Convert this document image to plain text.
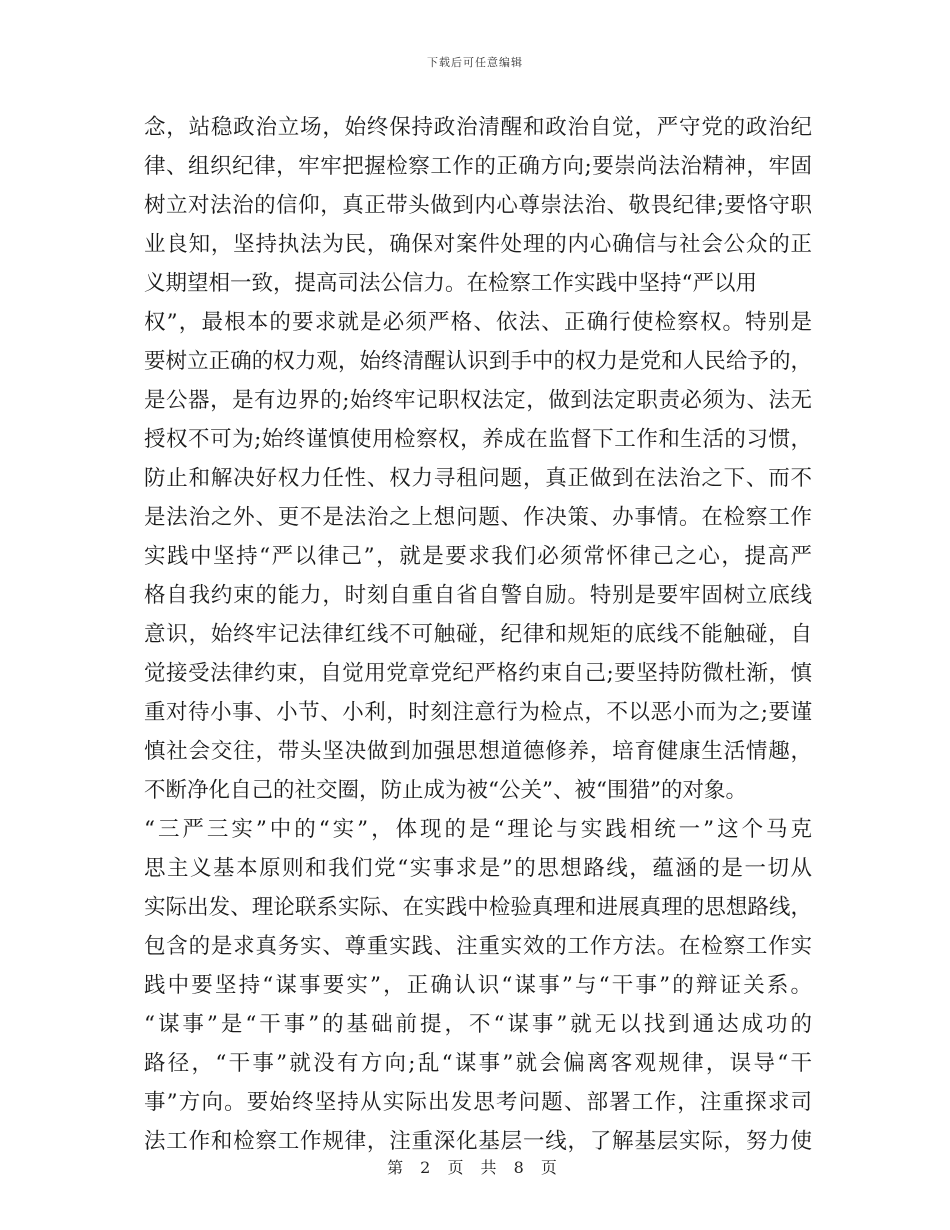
下载后可任意编辑
念，站稳政治立场，始终保持政治清醒和政治自觉，严守党的政治纪
律、组织纪律，牢牢把握检察工作的正确方向;要崇尚法治精神，牢固
树立对法治的信仰，真正带头做到内心尊崇法治、敬畏纪律;要恪守职
业良知，坚持执法为民，确保对案件处理的内心确信与社会公众的正
义期望相一致，提高司法公信力。在检察工作实践中坚持“严以用
权”，最根本的要求就是必须严格、依法、正确行使检察权。特别是
要树立正确的权力观，始终清醒认识到手中的权力是党和人民给予的，
是公器，是有边界的;始终牢记职权法定，做到法定职责必须为、法无
授权不可为;始终谨慎使用检察权，养成在监督下工作和生活的习惯，
防止和解决好权力任性、权力寻租问题，真正做到在法治之下、而不
是法治之外、更不是法治之上想问题、作决策、办事情。在检察工作
实践中坚持“严以律己”，就是要求我们必须常怀律己之心，提高严
格自我约束的能力，时刻自重自省自警自励。特别是要牢固树立底线
意识，始终牢记法律红线不可触碰，纪律和规矩的底线不能触碰，自
觉接受法律约束，自觉用党章党纪严格约束自己;要坚持防微杜渐，慎
重对待小事、小节、小利，时刻注意行为检点，不以恶小而为之;要谨
慎社会交往，带头坚决做到加强思想道德修养，培育健康生活情趣，
不断净化自己的社交圈，防止成为被“公关”、被“围猎”的对象。
“三严三实”中的“实”，体现的是“理论与实践相统一”这个马克
思主义基本原则和我们党“实事求是”的思想路线，蕴涵的是一切从
实际出发、理论联系实际、在实践中检验真理和进展真理的思想路线，
包含的是求真务实、尊重实践、注重实效的工作方法。在检察工作实
践中要坚持“谋事要实”，正确认识“谋事”与“干事”的辩证关系。
“谋事”是“干事”的基础前提，不“谋事”就无以找到通达成功的
路径，“干事”就没有方向;乱“谋事”就会偏离客观规律，误导“干
事”方向。要始终坚持从实际出发思考问题、部署工作，注重探求司
法工作和检察工作规律，注重深化基层一线，了解基层实际，努力使
第 2 页 共 8 页
